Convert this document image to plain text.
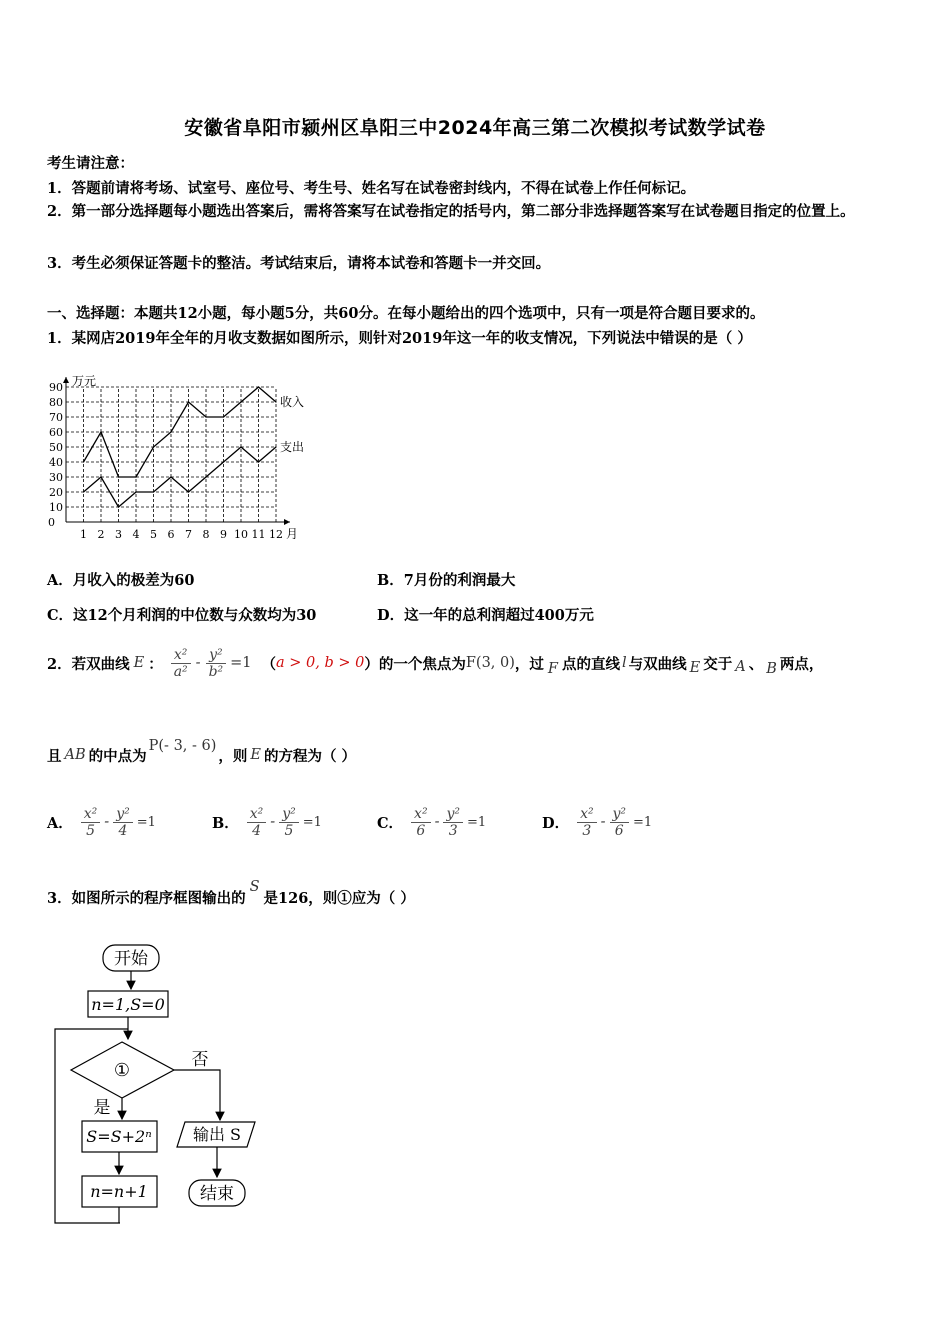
安徽省阜阳市颍州区阜阳三中2024年高三第二次模拟考试数学试卷
考生请注意：
1．答题前请将考场、试室号、座位号、考生号、姓名写在试卷密封线内，不得在试卷上作任何标记。
2．第一部分选择题每小题选出答案后，需将答案写在试卷指定的括号内，第二部分非选择题答案写在试卷题目指定的位置上。
3．考生必须保证答题卡的整洁。考试结束后，请将本试卷和答题卡一并交回。
一、选择题：本题共12小题，每小题5分，共60分。在每小题给出的四个选项中，只有一项是符合题目要求的。
1．某网店2019年全年的月收支数据如图所示，则针对2019年这一年的收支情况，下列说法中错误的是（ ）
0
10
20
30
40
50
60
70
80
90
1 2 3 4 5 6 7 8 9 10 11 12
万元
月
收入
支出
A．月收入的极差为60	B．7月份的利润最大
C．这12个月利润的中位数与众数均为30	D．这一年的总利润超过400万元
2．若双曲线 E ： $\frac{\text{x²}}{\text{a²}} - \frac{\text{y²}}{\text{b²}} =1$ （ a > 0, b > 0 ） 的一个焦点为 F(3, 0) ，过 F 点的直线 l 与双曲线 E 交于 A 、 B 两点，
且 AB 的中点为
P(- 3, - 6)
，则 E 的方程为（ ）
A． $\frac{\text{x²}}{5} - \frac{\text{y²}}{4} =1$	B． $\frac{\text{x²}}{4} - \frac{\text{y²}}{5} =1$	C． $\frac{\text{x²}}{6} - \frac{\text{y²}}{3} =1$	D． $\frac{\text{x²}}{3} - \frac{\text{y²}}{6} =1$
3．如图所示的程序框图输出的
S
是126，则①应为（ ）
开始
n=1,S=0
①	否
是
S=S+2ⁿ
n=n+1
输出 S
结束
